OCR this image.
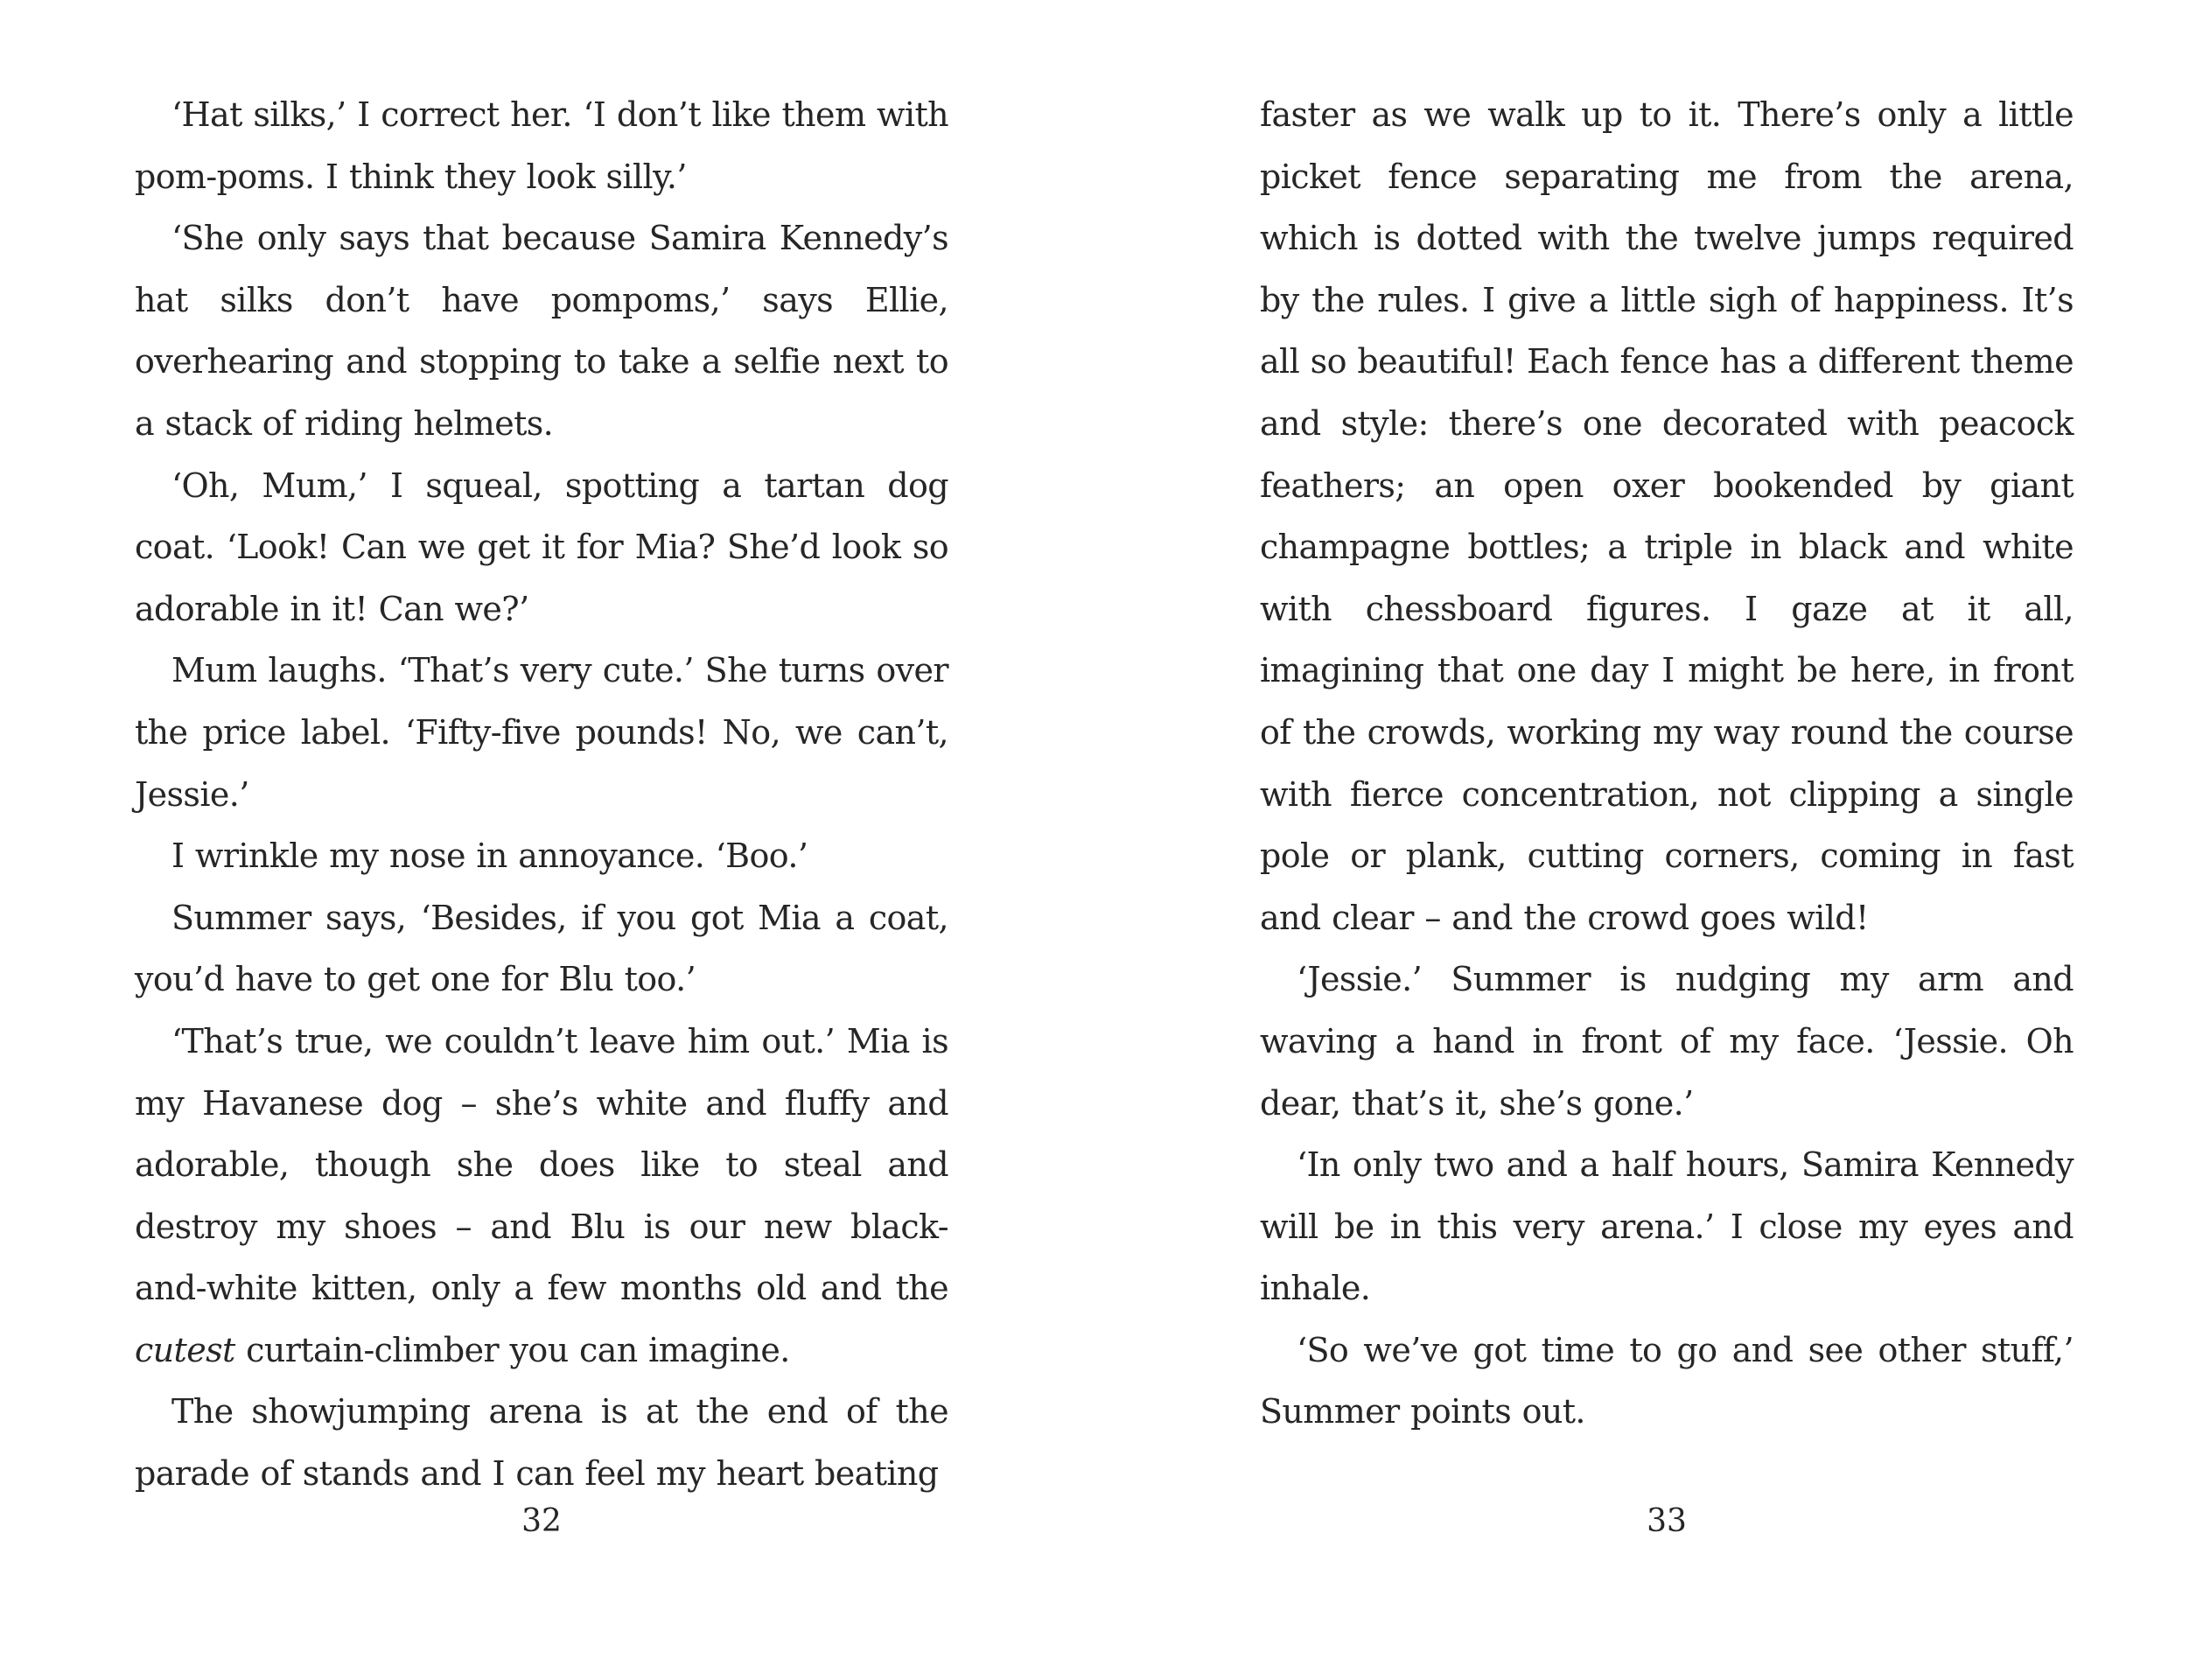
‘Hat silks,’ I correct her. ‘I don’t like them with pom-poms. I think they look silly.’

‘She only says that because Samira Kennedy’s hat silks don’t have pompoms,’ says Ellie, overhearing and stopping to take a selfie next to a stack of riding helmets.

‘Oh, Mum,’ I squeal, spotting a tartan dog coat. ‘Look! Can we get it for Mia? She’d look so adorable in it! Can we?’

Mum laughs. ‘That’s very cute.’ She turns over the price label. ‘Fifty-five pounds! No, we can’t, Jessie.’

I wrinkle my nose in annoyance. ‘Boo.’

Summer says, ‘Besides, if you got Mia a coat, you’d have to get one for Blu too.’

‘That’s true, we couldn’t leave him out.’ Mia is my Havanese dog – she’s white and fluffy and adorable, though she does like to steal and destroy my shoes – and Blu is our new black-and-white kitten, only a few months old and the cutest curtain-climber you can imagine.

The showjumping arena is at the end of the parade of stands and I can feel my heart beating

32

faster as we walk up to it. There’s only a little picket fence separating me from the arena, which is dotted with the twelve jumps required by the rules. I give a little sigh of happiness. It’s all so beautiful! Each fence has a different theme and style: there’s one decorated with peacock feathers; an open oxer bookended by giant champagne bottles; a triple in black and white with chessboard figures. I gaze at it all, imagining that one day I might be here, in front of the crowds, working my way round the course with fierce concentration, not clipping a single pole or plank, cutting corners, coming in fast and clear – and the crowd goes wild!

‘Jessie.’ Summer is nudging my arm and waving a hand in front of my face. ‘Jessie. Oh dear, that’s it, she’s gone.’

‘In only two and a half hours, Samira Kennedy will be in this very arena.’ I close my eyes and inhale.

‘So we’ve got time to go and see other stuff,’ Summer points out.

33
